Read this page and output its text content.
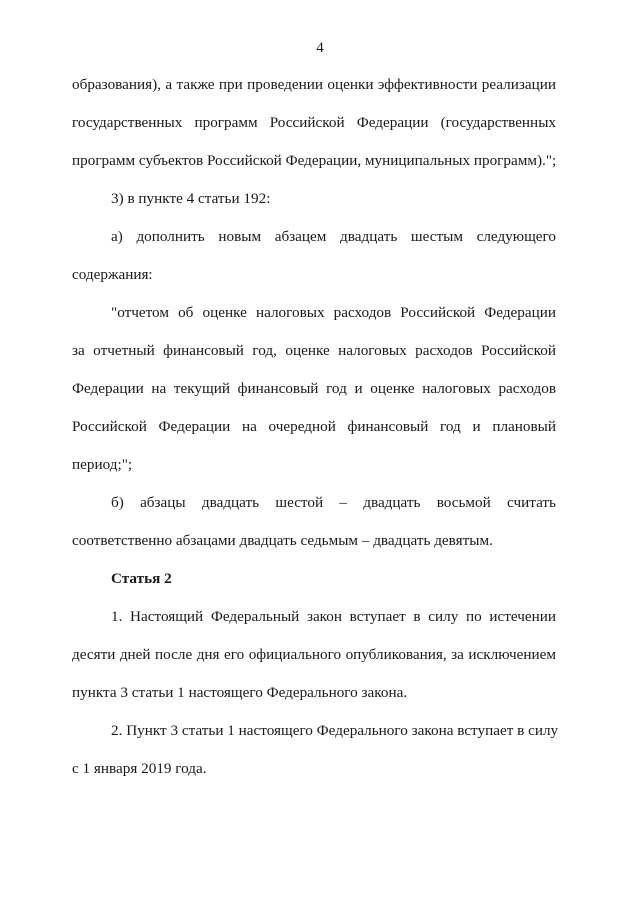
4
образования), а также при проведении оценки эффективности реализации
государственных программ Российской Федерации (государственных
программ субъектов Российской Федерации, муниципальных программ).";
3) в пункте 4 статьи 192:
а) дополнить новым абзацем двадцать шестым следующего
содержания:
"отчетом об оценке налоговых расходов Российской Федерации
за отчетный финансовый год, оценке налоговых расходов Российской
Федерации на текущий финансовый год и оценке налоговых расходов
Российской Федерации на очередной финансовый год и плановый
период;";
б) абзацы двадцать шестой – двадцать восьмой считать
соответственно абзацами двадцать седьмым – двадцать девятым.
Статья 2
1. Настоящий Федеральный закон вступает в силу по истечении
десяти дней после дня его официального опубликования, за исключением
пункта 3 статьи 1 настоящего Федерального закона.
2. Пункт 3 статьи 1 настоящего Федерального закона вступает в силу
с 1 января 2019 года.
